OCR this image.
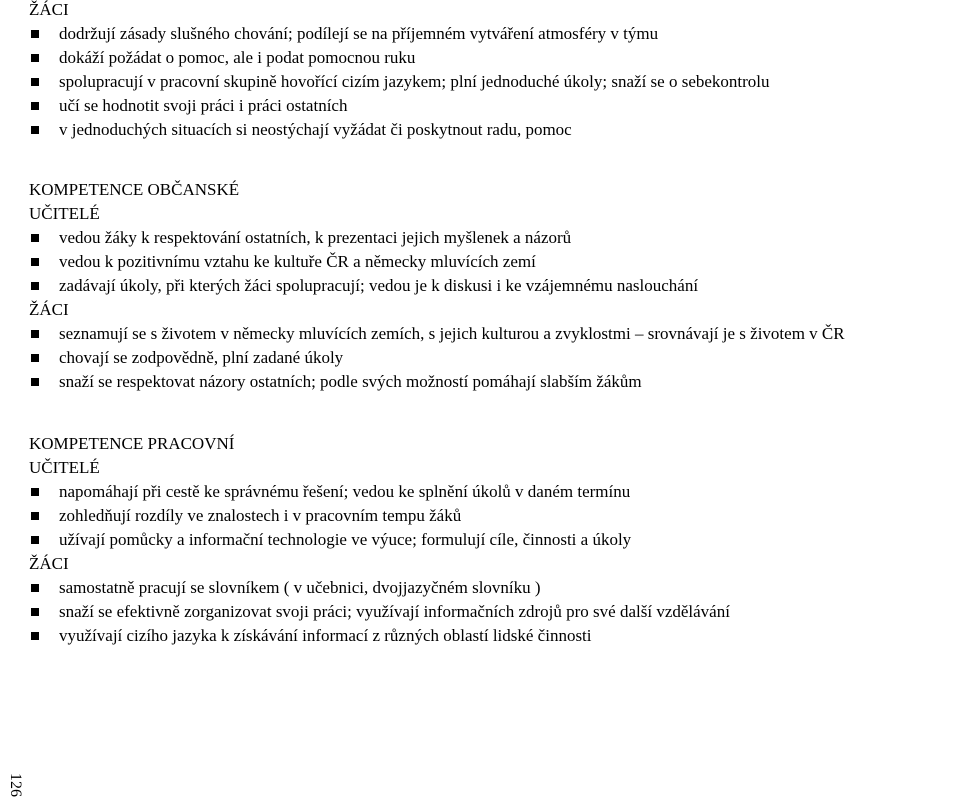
ŽÁCI
dodržují zásady slušného chování; podílejí se na příjemném vytváření atmosféry v týmu
dokáží požádat o pomoc, ale i podat pomocnou ruku
spolupracují v pracovní skupině hovořící cizím jazykem; plní jednoduché úkoly; snaží se o sebekontrolu
učí se hodnotit svoji práci i práci ostatních
v jednoduchých situacích si neostýchají vyžádat či poskytnout radu, pomoc
KOMPETENCE OBČANSKÉ
UČITELÉ
vedou žáky k respektování ostatních, k prezentaci jejich myšlenek a názorů
vedou k pozitivnímu vztahu ke kultuře ČR a německy mluvících zemí
zadávají úkoly, při kterých žáci spolupracují; vedou je k diskusi i ke vzájemnému naslouchání
ŽÁCI
seznamují se s životem v německy mluvících zemích, s jejich kulturou a zvyklostmi – srovnávají je s životem v ČR
chovají se zodpovědně, plní zadané úkoly
snaží se respektovat názory ostatních; podle svých možností pomáhají slabším žákům
KOMPETENCE PRACOVNÍ
UČITELÉ
napomáhají při cestě ke správnému řešení; vedou ke splnění úkolů v daném termínu
zohledňují rozdíly ve znalostech i v pracovním tempu žáků
užívají pomůcky a informační technologie ve výuce; formulují cíle, činnosti a úkoly
ŽÁCI
samostatně pracují se slovníkem ( v učebnici, dvojjazyčném slovníku )
snaží se efektivně zorganizovat svoji práci; využívají informačních zdrojů pro své další vzdělávání
využívají cizího jazyka k získávání informací z různých oblastí lidské činnosti
126
